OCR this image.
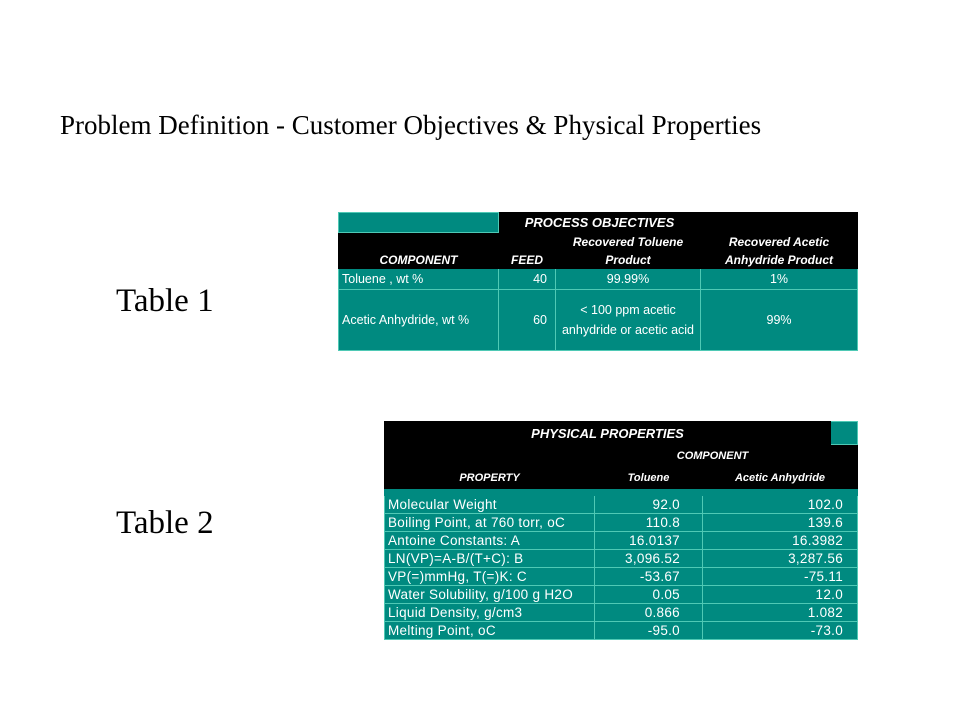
Problem Definition - Customer Objectives & Physical Properties
Table 1
Table 2
	PROCESS OBJECTIVES		
		Recovered Toluene	Recovered Acetic
COMPONENT	FEED	Product	Anhydride Product
Toluene , wt %	40	99.99%	1%
Acetic Anhydride, wt %	60	< 100 ppm acetic anhydride or acetic acid	99%
PHYSICAL PROPERTIES			
	COMPONENT		
PROPERTY	Toluene	Acetic Anhydride	

Molecular Weight	92.0	102.0	
Boiling Point, at 760 torr, oC	110.8	139.6	
Antoine Constants: A	16.0137	16.3982	
LN(VP)=A-B/(T+C): B	3,096.52	3,287.56	
VP(=)mmHg, T(=)K: C	-53.67	-75.11	
Water Solubility, g/100 g H2O	0.05	12.0	
Liquid Density, g/cm3	0.866	1.082	
Melting Point, oC	-95.0	-73.0	
